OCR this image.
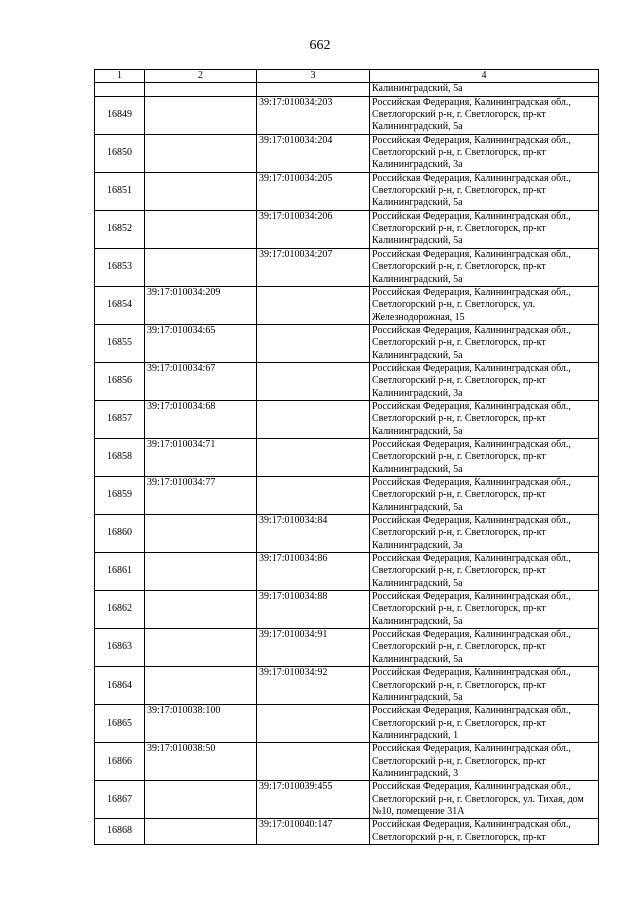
662
1	2	3	4
			Калининградский, 5а
16849		39:17:010034:203	Российская Федерация, Калининградская обл., Светлогорский р-н, г. Светлогорск, пр-кт Калининградский, 5а
16850		39:17:010034:204	Российская Федерация, Калининградская обл., Светлогорский р-н, г. Светлогорск, пр-кт Калининградский, 3а
16851		39:17:010034:205	Российская Федерация, Калининградская обл., Светлогорский р-н, г. Светлогорск, пр-кт Калининградский, 5а
16852		39:17:010034:206	Российская Федерация, Калининградская обл., Светлогорский р-н, г. Светлогорск, пр-кт Калининградский, 5а
16853		39:17:010034:207	Российская Федерация, Калининградская обл., Светлогорский р-н, г. Светлогорск, пр-кт Калининградский, 5а
16854	39:17:010034:209		Российская Федерация, Калининградская обл., Светлогорский р-н, г. Светлогорск, ул. Железнодорожная, 15
16855	39:17:010034:65		Российская Федерация, Калининградская обл., Светлогорский р-н, г. Светлогорск, пр-кт Калининградский, 5а
16856	39:17:010034:67		Российская Федерация, Калининградская обл., Светлогорский р-н, г. Светлогорск, пр-кт Калининградский, 3а
16857	39:17:010034:68		Российская Федерация, Калининградская обл., Светлогорский р-н, г. Светлогорск, пр-кт Калининградский, 5а
16858	39:17:010034:71		Российская Федерация, Калининградская обл., Светлогорский р-н, г. Светлогорск, пр-кт Калининградский, 5а
16859	39:17:010034:77		Российская Федерация, Калининградская обл., Светлогорский р-н, г. Светлогорск, пр-кт Калининградский, 5а
16860		39:17:010034:84	Российская Федерация, Калининградская обл., Светлогорский р-н, г. Светлогорск, пр-кт Калининградский, 3а
16861		39:17:010034:86	Российская Федерация, Калининградская обл., Светлогорский р-н, г. Светлогорск, пр-кт Калининградский, 5а
16862		39:17:010034:88	Российская Федерация, Калининградская обл., Светлогорский р-н, г. Светлогорск, пр-кт Калининградский, 5а
16863		39:17:010034:91	Российская Федерация, Калининградская обл., Светлогорский р-н, г. Светлогорск, пр-кт Калининградский, 5а
16864		39:17:010034:92	Российская Федерация, Калининградская обл., Светлогорский р-н, г. Светлогорск, пр-кт Калининградский, 5а
16865	39:17:010038:100		Российская Федерация, Калининградская обл., Светлогорский р-н, г. Светлогорск, пр-кт Калининградский, 1
16866	39:17:010038:50		Российская Федерация, Калининградская обл., Светлогорский р-н, г. Светлогорск, пр-кт Калининградский, 3
16867		39:17:010039:455	Российская Федерация, Калининградская обл., Светлогорский р-н, г. Светлогорск, ул. Тихая, дом №10, помещение 31А
16868		39:17:010040:147	Российская Федерация, Калининградская обл., Светлогорский р-н, г. Светлогорск, пр-кт
